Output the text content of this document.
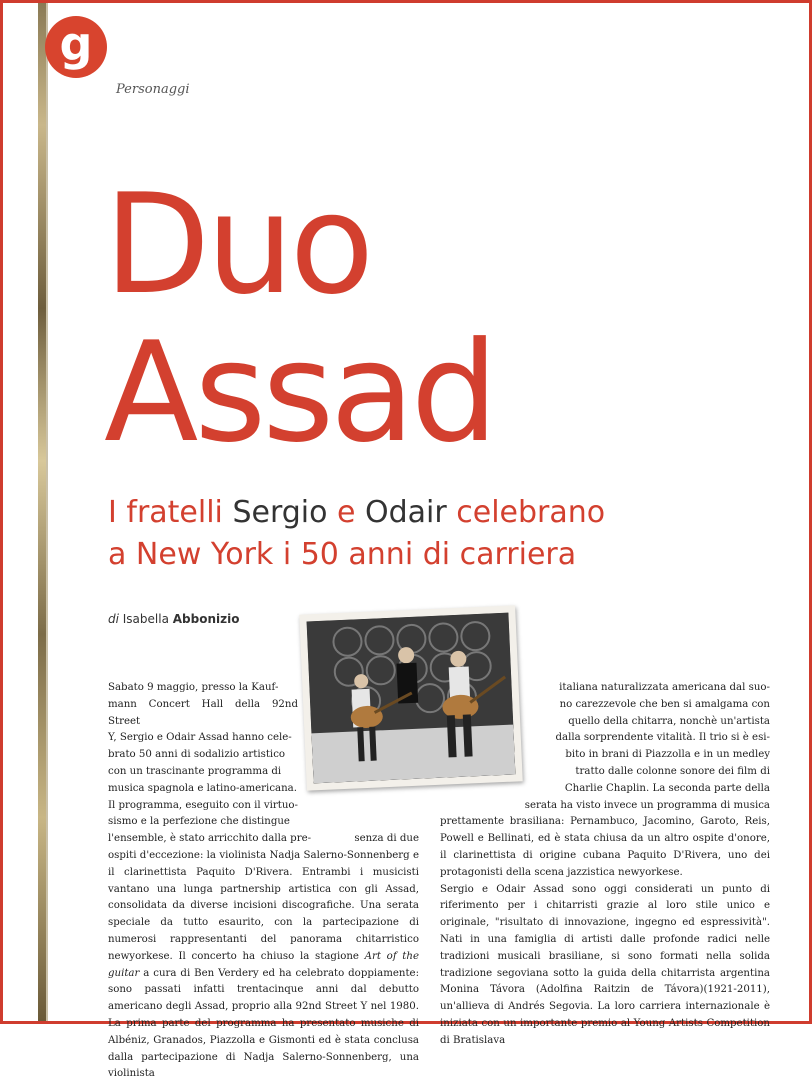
g
Personaggi
Duo
Assad
I fratelli Sergio e Odair celebrano
a New York i 50 anni di carriera
di Isabella Abbonizio

Sabato 9 maggio, presso la Kauf-

mann Concert Hall della 92nd Street

Y, Sergio e Odair Assad hanno cele-

brato 50 anni di sodalizio artistico

con un trascinante programma di

musica spagnola e latino-americana.

Il programma, eseguito con il virtuo-

sismo e la perfezione che distingue

l'ensemble, è stato arricchito dalla pre-	senza di due

ospiti d'eccezione: la violinista Nadja Salerno-Sonnenberg e il clarinettista Paquito D'Rivera. Entrambi i musicisti vantano una lunga partnership artistica con gli Assad, consolidata da diverse incisioni discografiche. Una serata speciale da tutto esaurito, con la partecipazione di numerosi rappresentanti del panorama chitarristico newyorkese. Il concerto ha chiuso la stagione Art of the guitar a cura di Ben Verdery ed ha celebrato doppiamente: sono passati infatti trentacinque anni dal debutto americano degli Assad, proprio alla 92nd Street Y nel 1980. La prima parte del programma ha presentato musiche di Albéniz, Granados, Piazzolla e Gismonti ed è stata conclusa dalla partecipazione di Nadja Salerno-Sonnenberg, una violinista

italiana naturalizzata americana dal suo-

no carezzevole che ben si amalgama con

quello della chitarra, nonchè un'artista

dalla sorprendente vitalità. Il trio si è esi-

bito in brani di Piazzolla e in un medley

tratto dalle colonne sonore dei film di

Charlie Chaplin. La seconda parte della

serata ha visto invece un programma di musica

prettamente brasiliana: Pernambuco, Jacomino, Garoto, Reis, Powell e Bellinati, ed è stata chiusa da un altro ospite d'onore, il clarinettista di origine cubana Paquito D'Rivera, uno dei protagonisti della scena jazzistica newyorkese.

Sergio e Odair Assad sono oggi considerati un punto di riferimento per i chitarristi grazie al loro stile unico e originale, "risultato di innovazione, ingegno ed espressività". Nati in una famiglia di artisti dalle profonde radici nelle tradizioni musicali brasiliane, si sono formati nella solida tradizione segoviana sotto la guida della chitarrista argentina Monina Távora (Adolfina Raitzin de Távora)(1921-2011), un'allieva di Andrés Segovia. La loro carriera internazionale è iniziata con un importante premio al Young Artists Competition di Bratislava
